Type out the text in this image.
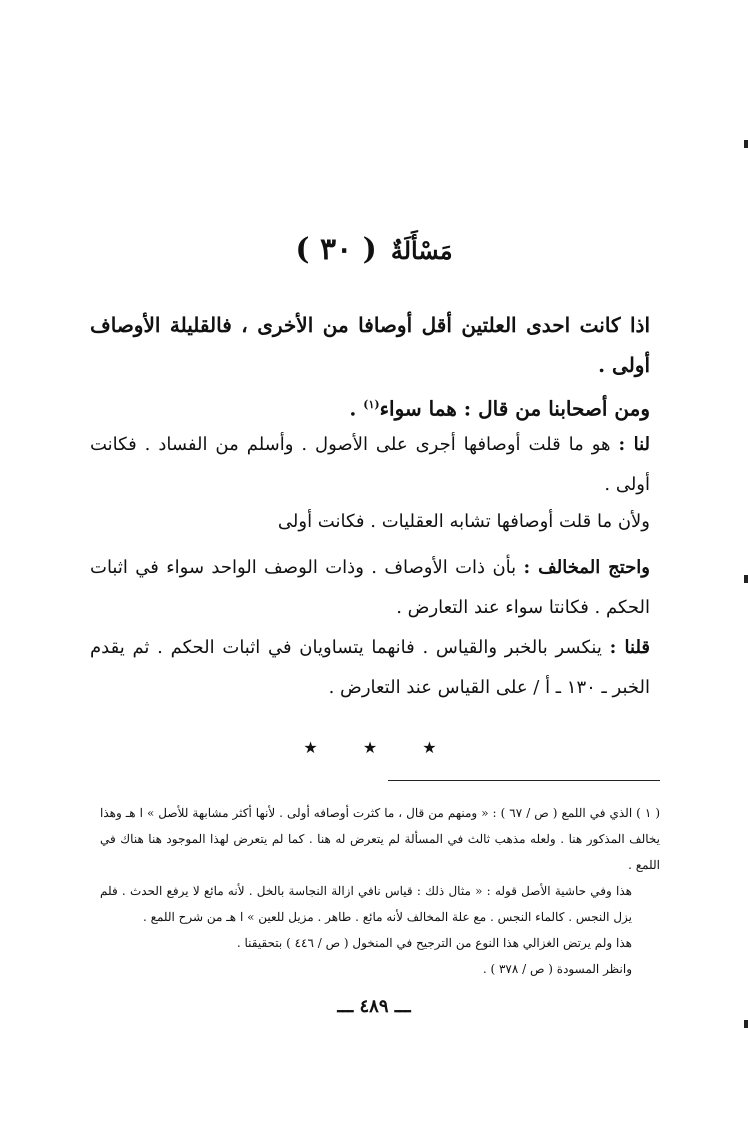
مَسْأَلَةٌ( ٣٠ )
اذا كانت احدى العلتين أقل أوصافا من الأخرى ، فالقليلة الأوصاف أولى .
ومن أصحابنا من قال : هما سواء$^{(١)}$ .
لنا : هو ما قلت أوصافها أجرى على الأصول . وأسلم من الفساد . فكانت أولى .
ولأن ما قلت أوصافها تشابه العقليات . فكانت أولى
واحتج المخالف : بأن ذات الأوصاف . وذات الوصف الواحد سواء في اثبات الحكم . فكانتا سواء عند التعارض .
قلنا : ينكسر بالخبر والقياس . فانهما يتساويان في اثبات الحكم . ثم يقدم الخبر ـ ١٣٠ ـ أ / على القياس عند التعارض .
★ ★ ★

( ١ ) الذي في اللمع ( ص / ٦٧ ) : « ومنهم من قال ، ما كثرت أوصافه أولى . لأنها أكثر مشابهة للأصل » ا هـ وهذا يخالف المذكور هنا . ولعله مذهب ثالث في المسألة لم يتعرض له هنا . كما لم يتعرض لهذا الموجود هنا هناك في اللمع .

هذا وفي حاشية الأصل قوله : « مثال ذلك : قياس نافي ازالة النجاسة بالخل . لأنه مائع لا يرفع الحدث . فلم يزل النجس . كالماء النجس . مع علة المخالف لأنه مائع . طاهر . مزيل للعين » ا هـ من شرح اللمع .

هذا ولم يرتض الغزالي هذا النوع من الترجيح في المنخول ( ص / ٤٤٦ ) بتحقيقنا .

وانظر المسودة ( ص / ٣٧٨ ) .

ـــ ٤٨٩ ـــ
